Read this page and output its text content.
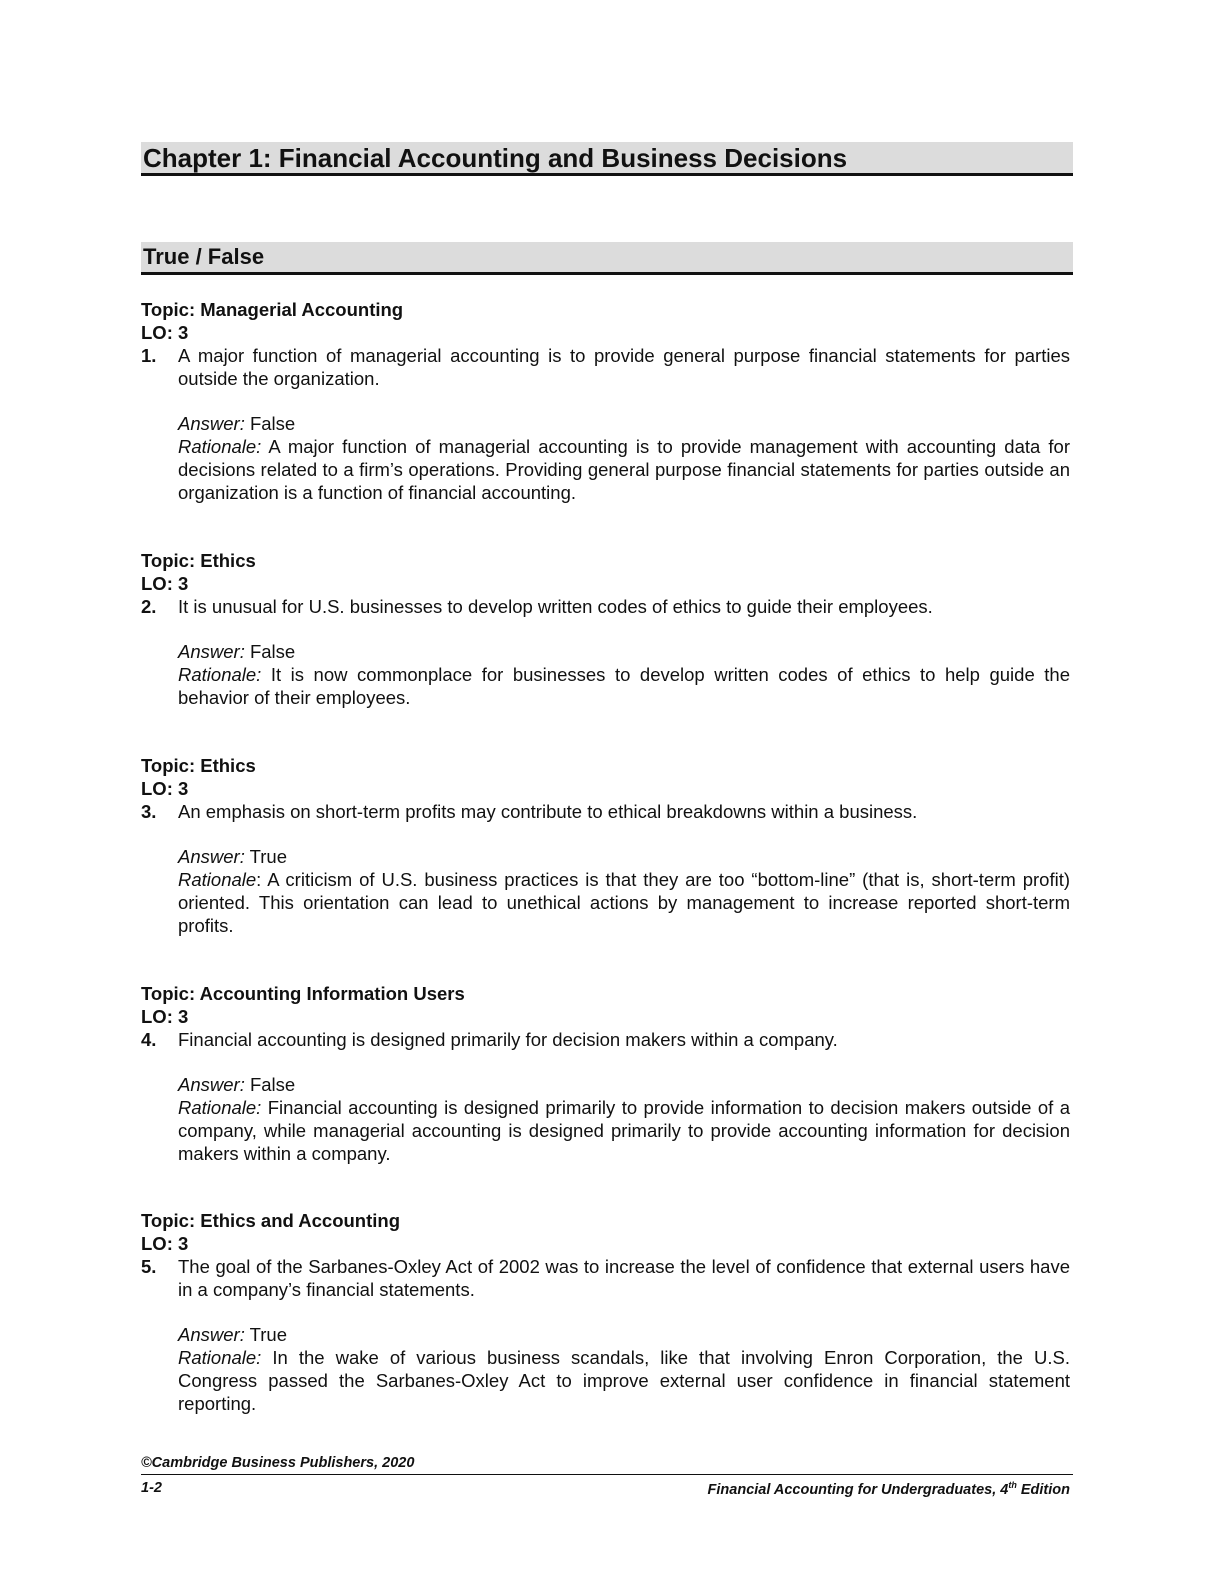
Chapter 1: Financial Accounting and Business Decisions
True / False
Topic: Managerial Accounting
LO: 3
1.	A major function of managerial accounting is to provide general purpose financial statements for parties outside the organization.
Answer: False
Rationale: A major function of managerial accounting is to provide management with accounting data for decisions related to a firm’s operations. Providing general purpose financial statements for parties outside an organization is a function of financial accounting.
Topic: Ethics
LO: 3
2.	It is unusual for U.S. businesses to develop written codes of ethics to guide their employees.
Answer: False
Rationale: It is now commonplace for businesses to develop written codes of ethics to help guide the behavior of their employees.
Topic: Ethics
LO: 3
3.	An emphasis on short-term profits may contribute to ethical breakdowns within a business.
Answer: True
Rationale: A criticism of U.S. business practices is that they are too “bottom-line” (that is, short-term profit) oriented. This orientation can lead to unethical actions by management to increase reported short-term profits.
Topic: Accounting Information Users
LO: 3
4.	Financial accounting is designed primarily for decision makers within a company.
Answer: False
Rationale: Financial accounting is designed primarily to provide information to decision makers outside of a company, while managerial accounting is designed primarily to provide accounting information for decision makers within a company.
Topic: Ethics and Accounting
LO: 3
5.	The goal of the Sarbanes-Oxley Act of 2002 was to increase the level of confidence that external users have in a company’s financial statements.
Answer: True
Rationale: In the wake of various business scandals, like that involving Enron Corporation, the U.S. Congress passed the Sarbanes-Oxley Act to improve external user confidence in financial statement reporting.
©Cambridge Business Publishers, 2020
1-2	Financial Accounting for Undergraduates, 4th Edition
